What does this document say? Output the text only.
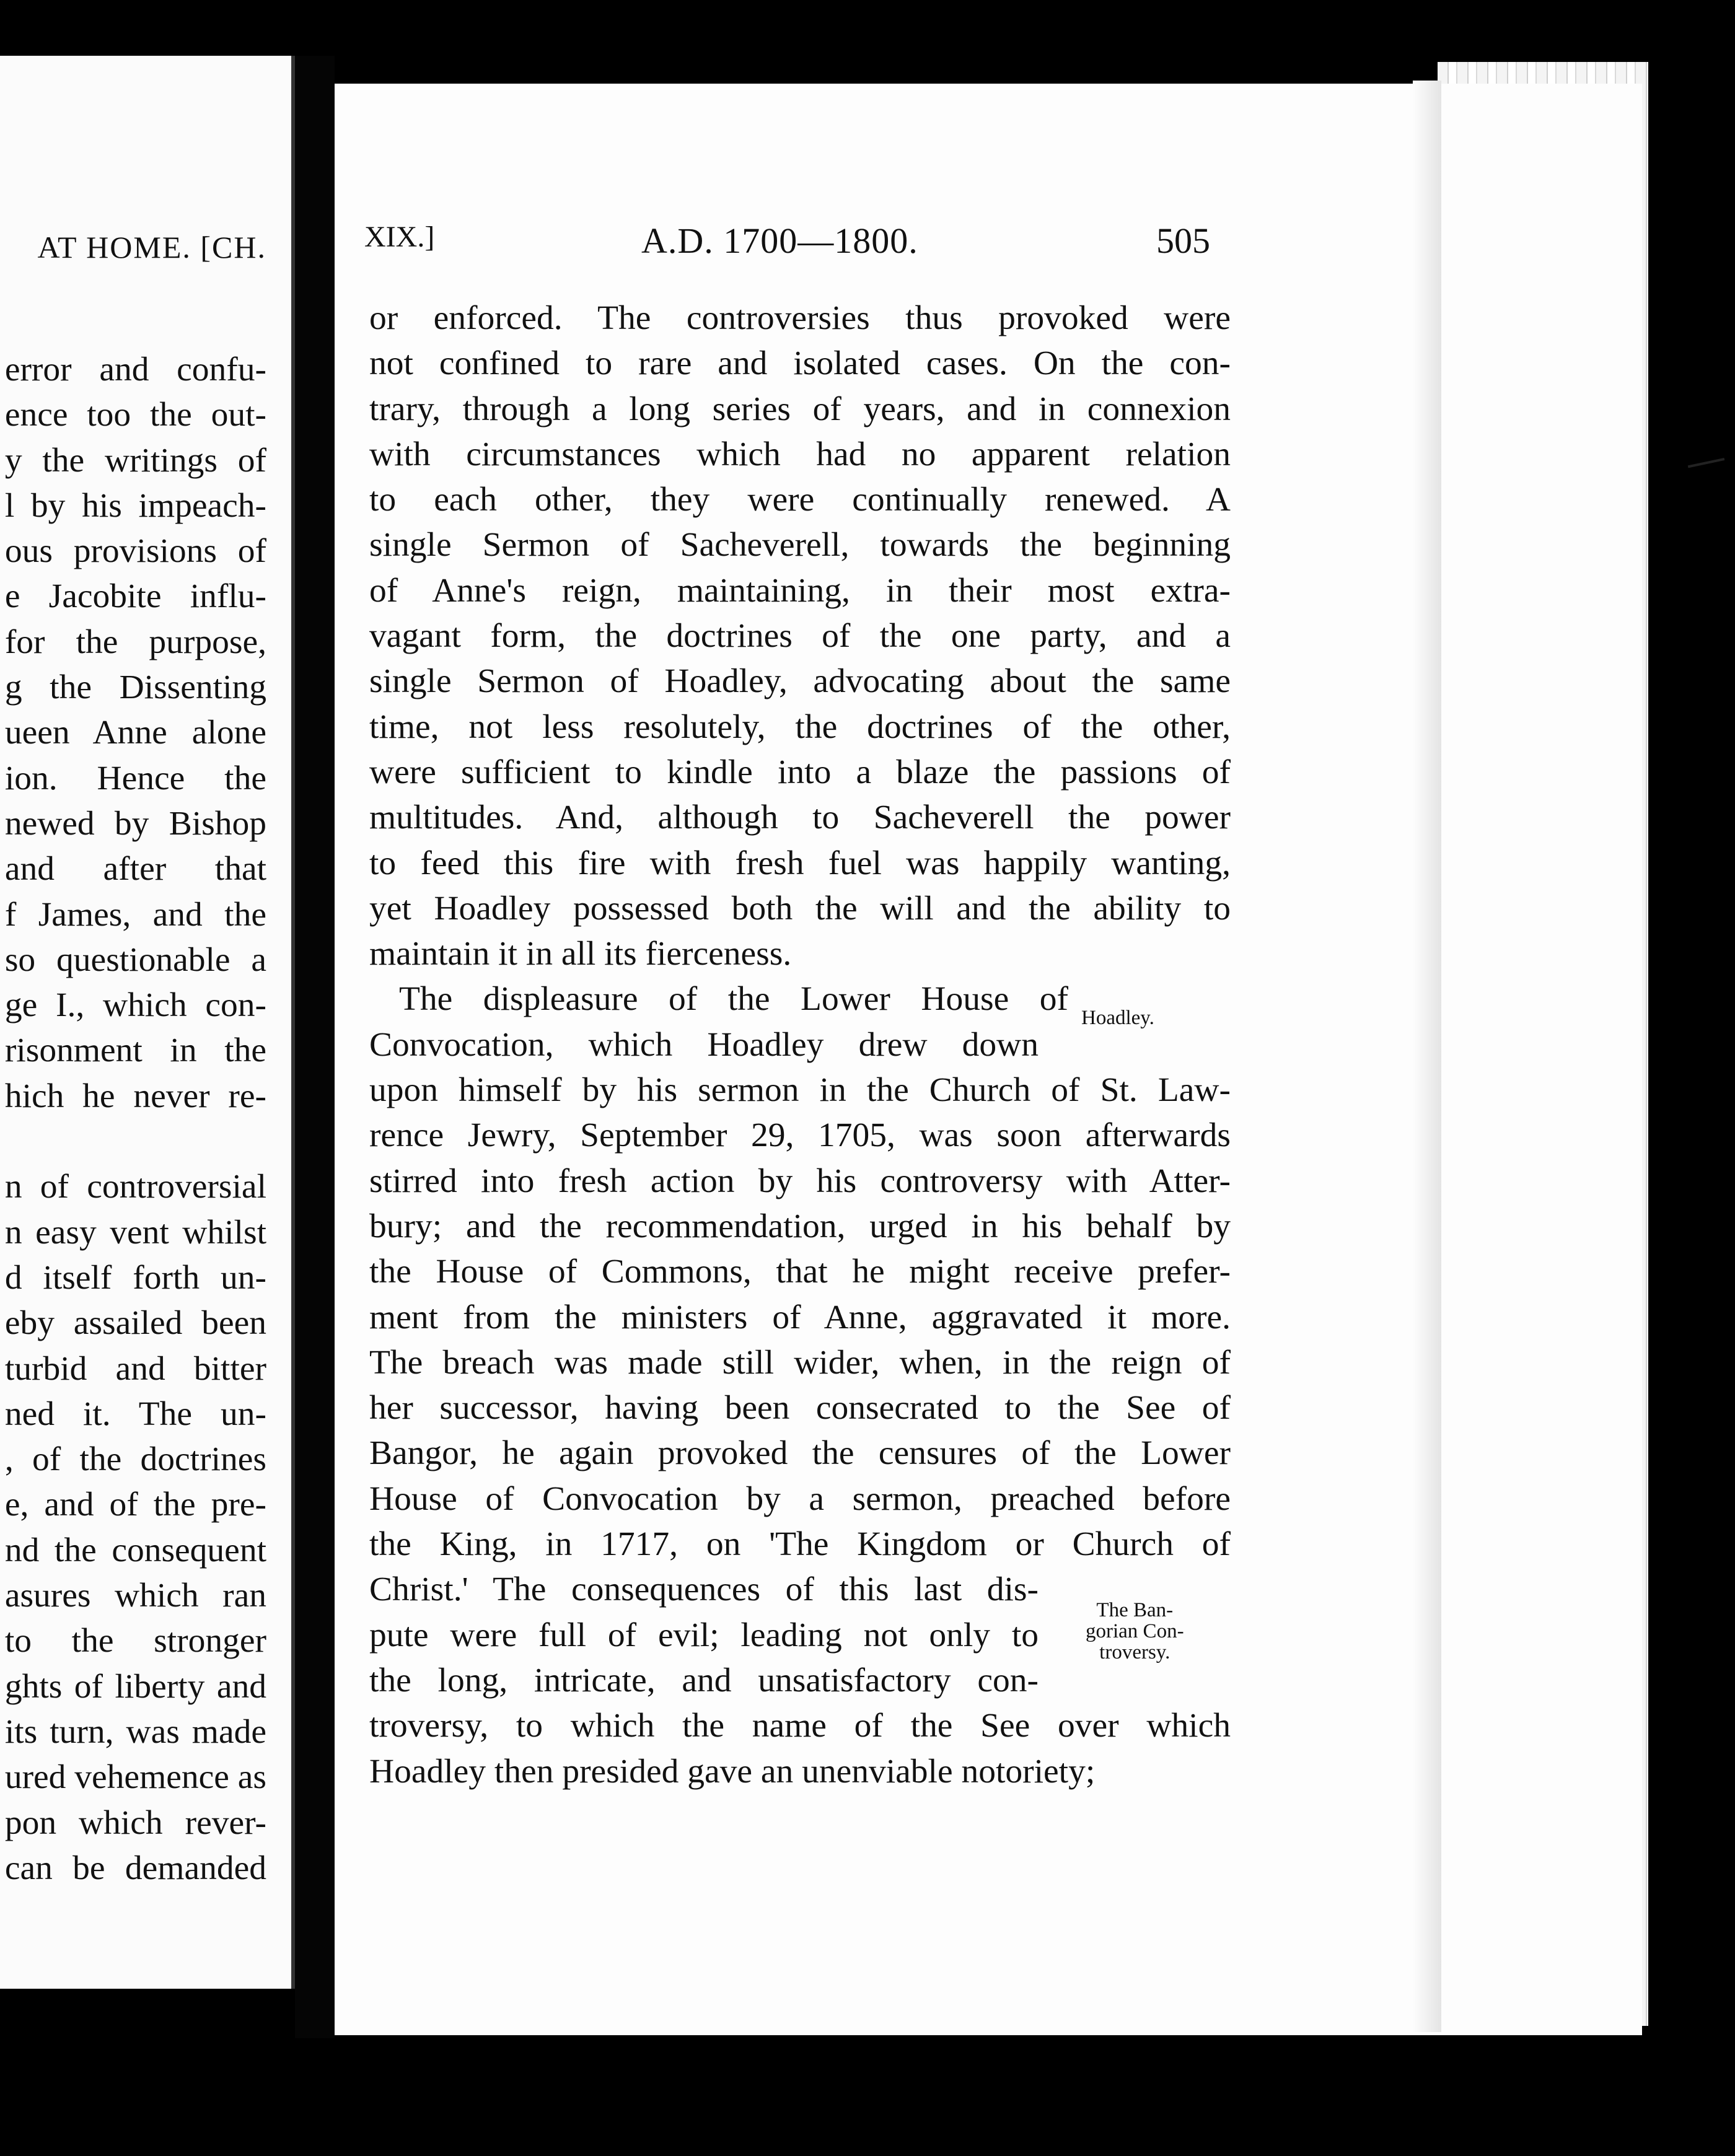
AT HOME. [CH.
error and confu-
ence too the out-
y the writings of
l by his impeach-
ous provisions of
e Jacobite influ-
for the purpose,
g the Dissenting
ueen Anne alone
ion. Hence the
newed by Bishop
and after that
f James, and the
so questionable a
ge I., which con-
risonment in the
hich he never re-

n of controversial
n easy vent whilst
d itself forth un-
eby assailed been
turbid and bitter
ned it. The un-
, of the doctrines
e, and of the pre-
nd the consequent
asures which ran
to the stronger
ghts of liberty and
its turn, was made
ured vehemence as
pon which rever-
can be demanded
XIX.]	A.D. 1700—1800.	505
or enforced. The controversies thus provoked were
not confined to rare and isolated cases. On the con-
trary, through a long series of years, and in connexion
with circumstances which had no apparent relation
to each other, they were continually renewed. A
single Sermon of Sacheverell, towards the beginning
of Anne's reign, maintaining, in their most extra-
vagant form, the doctrines of the one party, and a
single Sermon of Hoadley, advocating about the same
time, not less resolutely, the doctrines of the other,
were sufficient to kindle into a blaze the passions of
multitudes. And, although to Sacheverell the power
to feed this fire with fresh fuel was happily wanting,
yet Hoadley possessed both the will and the ability to
maintain it in all its fierceness.
The displeasure of the Lower House of
Convocation, which Hoadley drew down
upon himself by his sermon in the Church of St. Law-
rence Jewry, September 29, 1705, was soon afterwards
stirred into fresh action by his controversy with Atter-
bury; and the recommendation, urged in his behalf by
the House of Commons, that he might receive prefer-
ment from the ministers of Anne, aggravated it more.
The breach was made still wider, when, in the reign of
her successor, having been consecrated to the See of
Bangor, he again provoked the censures of the Lower
House of Convocation by a sermon, preached before
the King, in 1717, on 'The Kingdom or Church of
Christ.' The consequences of this last dis-
pute were full of evil; leading not only to
the long, intricate, and unsatisfactory con-
troversy, to which the name of the See over which
Hoadley then presided gave an unenviable notoriety;
Hoadley.
The Ban-
gorian Con-
troversy.
